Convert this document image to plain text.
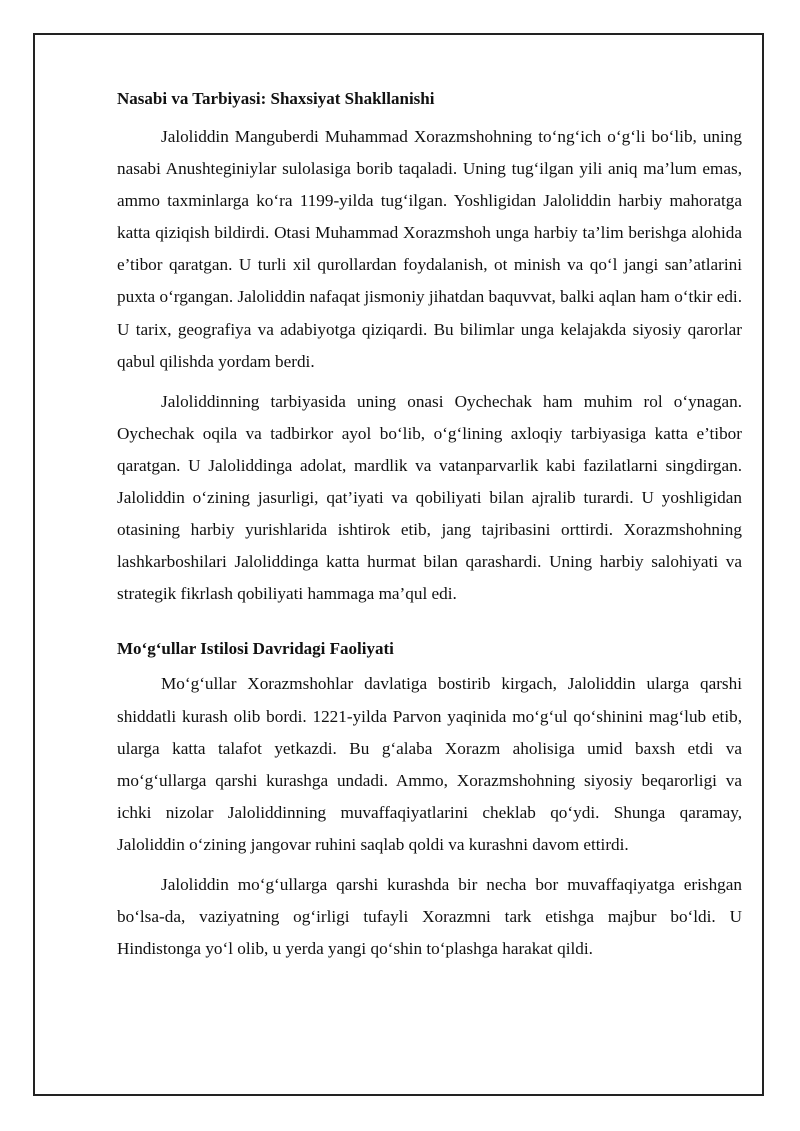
Nasabi va Tarbiyasi: Shaxsiyat Shakllanishi

Jaloliddin Manguberdi Muhammad Xorazmshohning to‘ng‘ich o‘g‘li bo‘lib, uning nasabi Anushteginiylar sulolasiga borib taqaladi. Uning tug‘ilgan yili aniq ma’lum emas, ammo taxminlarga ko‘ra 1199-yilda tug‘ilgan. Yoshligidan Jaloliddin harbiy mahoratga katta qiziqish bildirdi. Otasi Muhammad Xorazmshoh unga harbiy ta’lim berishga alohida e’tibor qaratgan. U turli xil qurollardan foydalanish, ot minish va qo‘l jangi san’atlarini puxta o‘rgangan. Jaloliddin nafaqat jismoniy jihatdan baquvvat, balki aqlan ham o‘tkir edi. U tarix, geografiya va adabiyotga qiziqardi. Bu bilimlar unga kelajakda siyosiy qarorlar qabul qilishda yordam berdi.

Jaloliddinning tarbiyasida uning onasi Oychechak ham muhim rol o‘ynagan. Oychechak oqila va tadbirkor ayol bo‘lib, o‘g‘lining axloqiy tarbiyasiga katta e’tibor qaratgan. U Jaloliddinga adolat, mardlik va vatanparvarlik kabi fazilatlarni singdirgan. Jaloliddin o‘zining jasurligi, qat’iyati va qobiliyati bilan ajralib turardi. U yoshligidan otasining harbiy yurishlarida ishtirok etib, jang tajribasini orttirdi. Xorazmshohning lashkarboshilari Jaloliddinga katta hurmat bilan qarashardi. Uning harbiy salohiyati va strategik fikrlash qobiliyati hammaga ma’qul edi.

Mo‘g‘ullar Istilosi Davridagi Faoliyati

Mo‘g‘ullar Xorazmshohlar davlatiga bostirib kirgach, Jaloliddin ularga qarshi shiddatli kurash olib bordi. 1221-yilda Parvon yaqinida mo‘g‘ul qo‘shinini mag‘lub etib, ularga katta talafot yetkazdi. Bu g‘alaba Xorazm aholisiga umid baxsh etdi va mo‘g‘ullarga qarshi kurashga undadi. Ammo, Xorazmshohning siyosiy beqarorligi va ichki nizolar Jaloliddinning muvaffaqiyatlarini cheklab qo‘ydi. Shunga qaramay, Jaloliddin o‘zining jangovar ruhini saqlab qoldi va kurashni davom ettirdi.

Jaloliddin mo‘g‘ullarga qarshi kurashda bir necha bor muvaffaqiyatga erishgan bo‘lsa-da, vaziyatning og‘irligi tufayli Xorazmni tark etishga majbur bo‘ldi. U Hindistonga yo‘l olib, u yerda yangi qo‘shin to‘plashga harakat qildi.
